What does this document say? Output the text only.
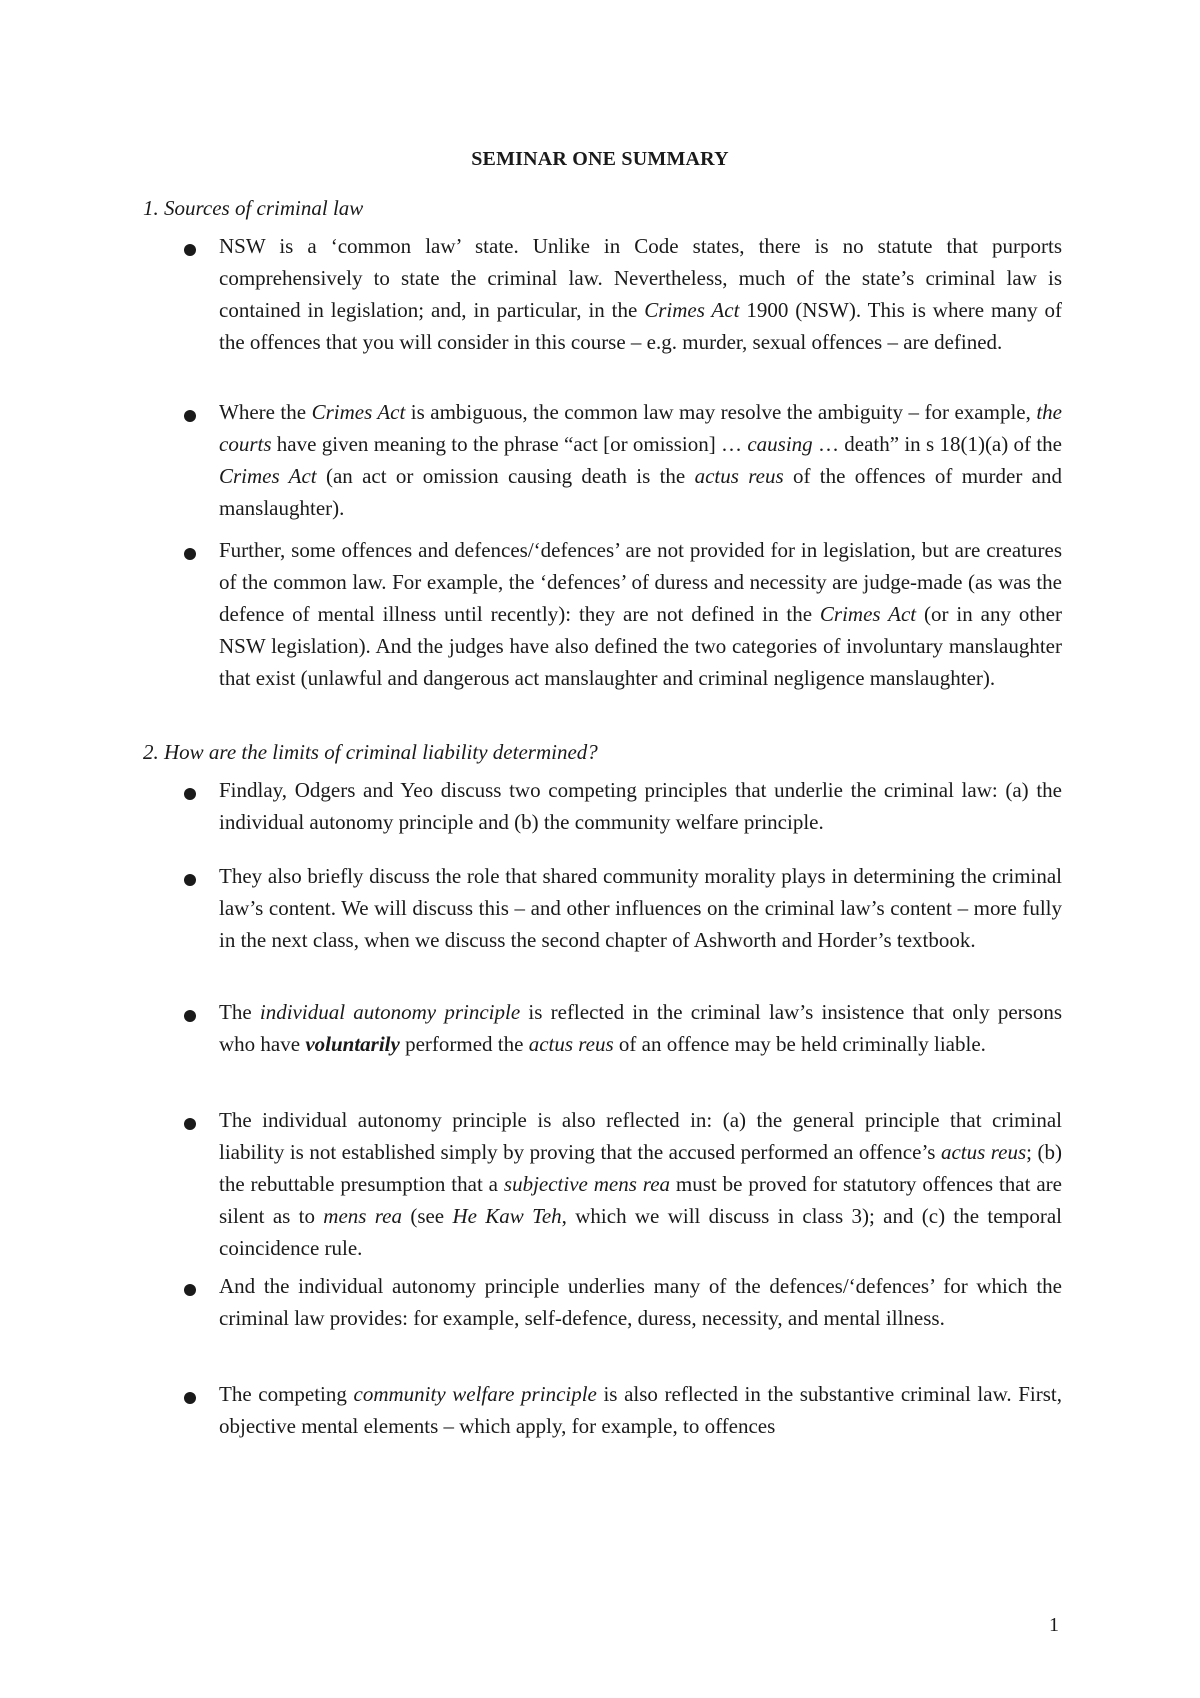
SEMINAR ONE SUMMARY
1. Sources of criminal law

NSW is a ‘common law’ state. Unlike in Code states, there is no statute that purports comprehensively to state the criminal law. Nevertheless, much of the state’s criminal law is contained in legislation; and, in particular, in the Crimes Act 1900 (NSW). This is where many of the offences that you will consider in this course – e.g. murder, sexual offences – are defined.

Where the Crimes Act is ambiguous, the common law may resolve the ambiguity – for example, the courts have given meaning to the phrase “act [or omission] … causing … death” in s 18(1)(a) of the Crimes Act (an act or omission causing death is the actus reus of the offences of murder and manslaughter).

Further, some offences and defences/‘defences’ are not provided for in legislation, but are creatures of the common law. For example, the ‘defences’ of duress and necessity are judge-made (as was the defence of mental illness until recently): they are not defined in the Crimes Act (or in any other NSW legislation). And the judges have also defined the two categories of involuntary manslaughter that exist (unlawful and dangerous act manslaughter and criminal negligence manslaughter).

2. How are the limits of criminal liability determined?

Findlay, Odgers and Yeo discuss two competing principles that underlie the criminal law: (a) the individual autonomy principle and (b) the community welfare principle.

They also briefly discuss the role that shared community morality plays in determining the criminal law’s content. We will discuss this – and other influences on the criminal law’s content – more fully in the next class, when we discuss the second chapter of Ashworth and Horder’s textbook.

The individual autonomy principle is reflected in the criminal law’s insistence that only persons who have voluntarily performed the actus reus of an offence may be held criminally liable.

The individual autonomy principle is also reflected in: (a) the general principle that criminal liability is not established simply by proving that the accused performed an offence’s actus reus; (b) the rebuttable presumption that a subjective mens rea must be proved for statutory offences that are silent as to mens rea (see He Kaw Teh, which we will discuss in class 3); and (c) the temporal coincidence rule.

And the individual autonomy principle underlies many of the defences/‘defences’ for which the criminal law provides: for example, self-defence, duress, necessity, and mental illness.

The competing community welfare principle is also reflected in the substantive criminal law. First, objective mental elements – which apply, for example, to offences

1
